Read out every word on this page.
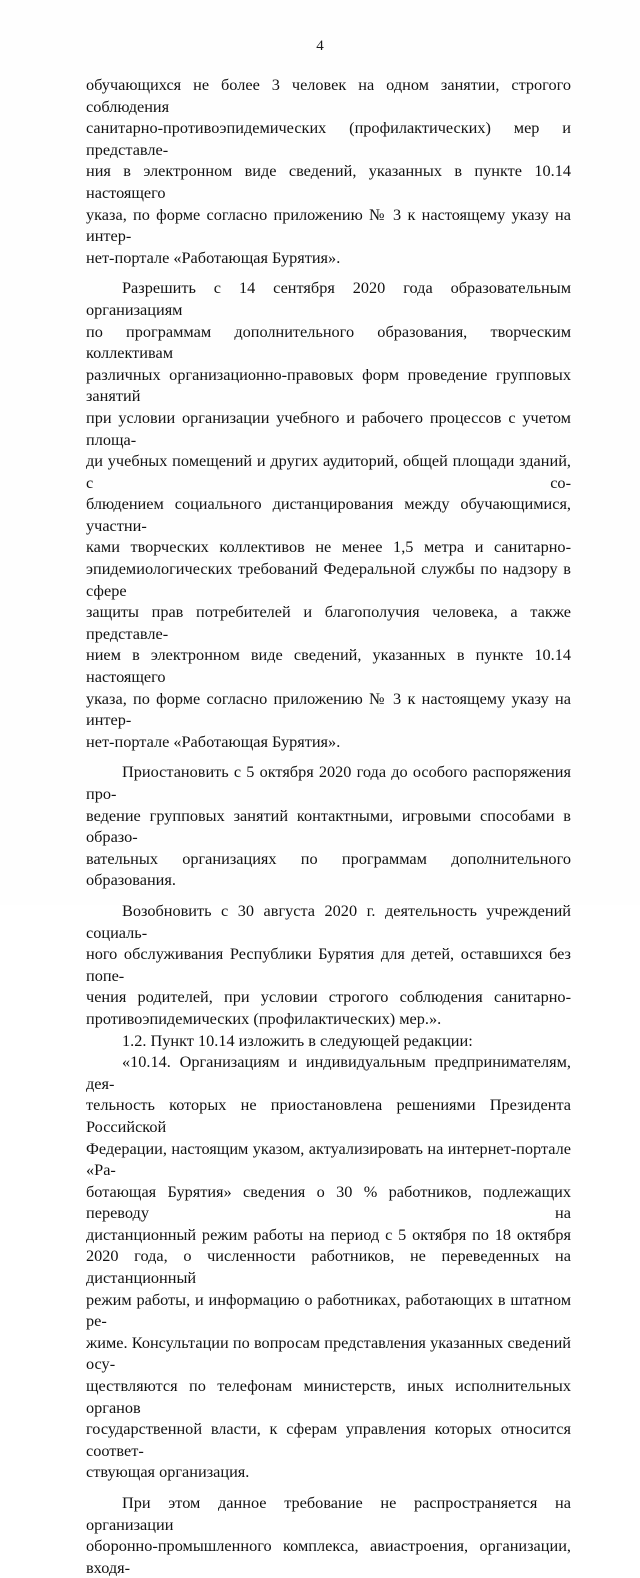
4

обучающихся не более 3 человек на одном занятии, строгого соблюдения

санитарно-противоэпидемических (профилактических) мер и представле-

ния в электронном виде сведений, указанных в пункте 10.14 настоящего

указа, по форме согласно приложению № 3 к настоящему указу на интер-

нет-портале «Работающая Бурятия».

Разрешить с 14 сентября 2020 года образовательным организациям

по программам дополнительного образования, творческим коллективам

различных организационно-правовых форм проведение групповых занятий

при условии организации учебного и рабочего процессов с учетом площа-

ди учебных помещений и других аудиторий, общей площади зданий, с со-

блюдением социального дистанцирования между обучающимися, участни-

ками творческих коллективов не менее 1,5 метра и санитарно-

эпидемиологических требований Федеральной службы по надзору в сфере

защиты прав потребителей и благополучия человека, а также представле-

нием в электронном виде сведений, указанных в пункте 10.14 настоящего

указа, по форме согласно приложению № 3 к настоящему указу на интер-

нет-портале «Работающая Бурятия».

Приостановить с 5 октября 2020 года до особого распоряжения про-

ведение групповых занятий контактными, игровыми способами в образо-

вательных организациях по программам дополнительного образования.

Возобновить с 30 августа 2020 г. деятельность учреждений социаль-

ного обслуживания Республики Бурятия для детей, оставшихся без попе-

чения родителей, при условии строгого соблюдения санитарно-

противоэпидемических (профилактических) мер.».

1.2. Пункт 10.14 изложить в следующей редакции:

«10.14. Организациям и индивидуальным предпринимателям, дея-

тельность которых не приостановлена решениями Президента Российской

Федерации, настоящим указом, актуализировать на интернет-портале «Ра-

ботающая Бурятия» сведения о 30 % работников, подлежащих переводу на

дистанционный режим работы на период с 5 октября по 18 октября

2020 года, о численности работников, не переведенных на дистанционный

режим работы, и информацию о работниках, работающих в штатном ре-

жиме. Консультации по вопросам представления указанных сведений осу-

ществляются по телефонам министерств, иных исполнительных органов

государственной власти, к сферам управления которых относится соответ-

ствующая организация.

При этом данное требование не распространяется на организации

оборонно-промышленного комплекса, авиастроения, организации, входя-
